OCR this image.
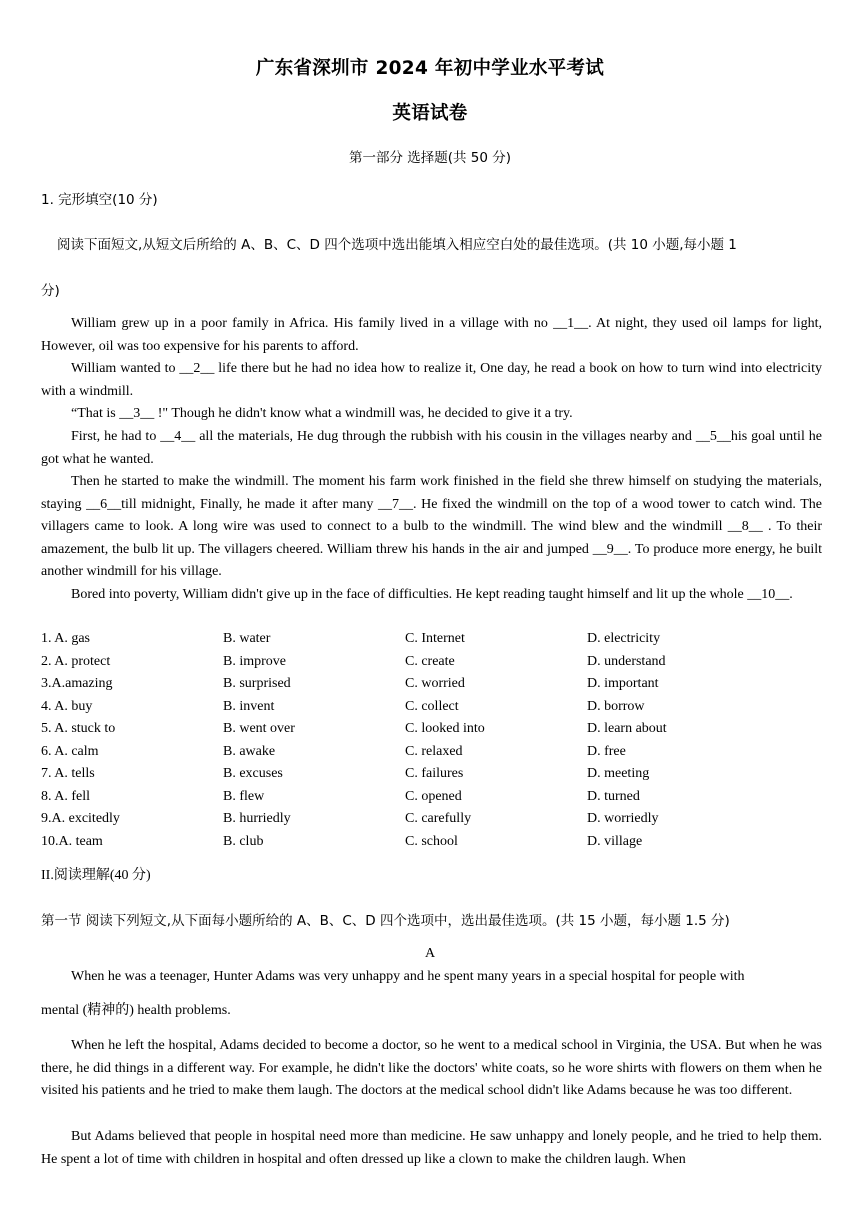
广东省深圳市 2024 年初中学业水平考试
英语试卷
第一部分 选择题(共 50 分)
1. 完形填空(10 分)
阅读下面短文,从短文后所给的 A、B、C、D 四个选项中选出能填入相应空白处的最佳选项。(共 10 小题,每小题 1
分)
William grew up in a poor family in Africa. His family lived in a village with no __1__. At night, they used oil lamps for light, However, oil was too expensive for his parents to afford.
William wanted to __2__ life there but he had no idea how to realize it, One day, he read a book on how to turn wind into electricity with a windmill.
“That is __3__ !" Though he didn't know what a windmill was, he decided to give it a try.
First, he had to __4__ all the materials, He dug through the rubbish with his cousin in the villages nearby and __5__his goal until he got what he wanted.
Then he started to make the windmill. The moment his farm work finished in the field she threw himself on studying the materials, staying __6__till midnight, Finally, he made it after many __7__. He fixed the windmill on the top of a wood tower to catch wind. The villagers came to look. A long wire was used to connect to a bulb to the windmill. The wind blew and the windmill __8__ . To their amazement, the bulb lit up. The villagers cheered. William threw his hands in the air and jumped __9__. To produce more energy, he built another windmill for his village.
Bored into poverty, William didn't give up in the face of difficulties. He kept reading taught himself and lit up the whole __10__.
1. A. gas	B. water	C. Internet	D. electricity
2. A. protect	B. improve	C. create	D. understand
3.A.amazing	B. surprised	C. worried	D. important
4. A. buy	B. invent	C. collect	D. borrow
5. A. stuck to	B. went over	C. looked into	D. learn about
6. A. calm	B. awake	C. relaxed	D. free
7. A. tells	B. excuses	C. failures	D. meeting
8. A. fell	B. flew	C. opened	D. turned
9.A. excitedly	B. hurriedly	C. carefully	D. worriedly
10.A. team	B. club	C. school	D. village
II.阅读理解(40 分)
第一节 阅读下列短文,从下面每小题所给的 A、B、C、D 四个选项中，选出最佳选项。(共 15 小题，每小题 1.5 分)
A
When he was a teenager, Hunter Adams was very unhappy and he spent many years in a special hospital for people with
mental (精神的) health problems.
When he left the hospital, Adams decided to become a doctor, so he went to a medical school in Virginia, the USA. But when he was there, he did things in a different way. For example, he didn't like the doctors' white coats, so he wore shirts with flowers on them when he visited his patients and he tried to make them laugh. The doctors at the medical school didn't like Adams because he was too different.
But Adams believed that people in hospital need more than medicine. He saw unhappy and lonely people, and he tried to help them. He spent a lot of time with children in hospital and often dressed up like a clown to make the children laugh. When
